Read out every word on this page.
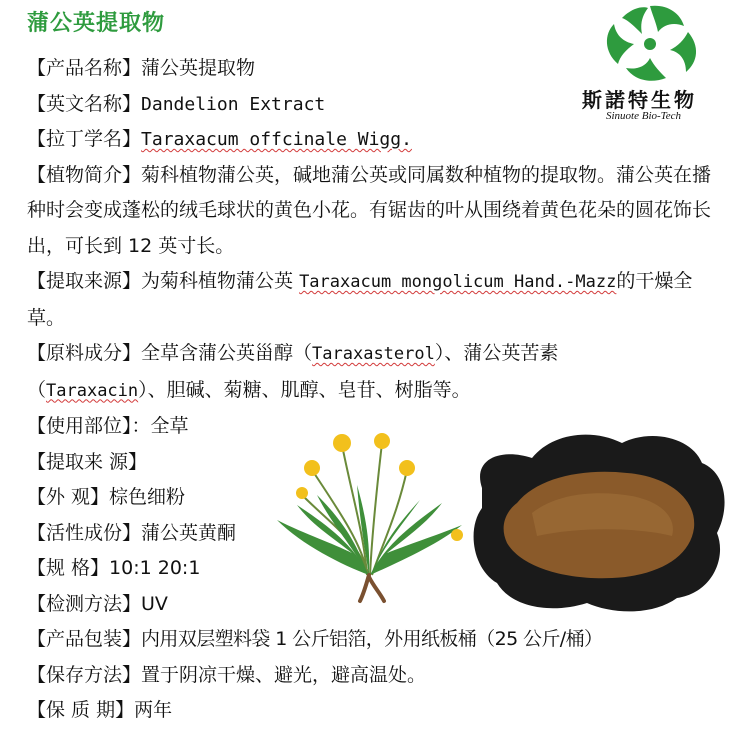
蒲公英提取物
斯諾特生物
Sinuote Bio-Tech
【产品名称】蒲公英提取物
【英文名称】Dandelion Extract
【拉丁学名】Taraxacum offcinale Wigg.
【植物简介】菊科植物蒲公英，碱地蒲公英或同属数种植物的提取物。蒲公英在播种时会变成蓬松的绒毛球状的黄色小花。有锯齿的叶从围绕着黄色花朵的圆花饰长出，可长到 12 英寸长。
【提取来源】为菊科植物蒲公英 Taraxacum mongolicum Hand.-Mazz的干燥全草。
【原料成分】全草含蒲公英甾醇（Taraxasterol）、蒲公英苦素（Taraxacin）、胆碱、菊糖、肌醇、皂苷、树脂等。
【使用部位】：全草
【提取来 源】
【外 观】棕色细粉
【活性成份】蒲公英黄酮
【规 格】10:1 20:1
【检测方法】UV
【产品包装】内用双层塑料袋 1 公斤铝箔，外用纸板桶（25 公斤/桶）
【保存方法】置于阴凉干燥、避光，避高温处。
【保 质 期】两年
